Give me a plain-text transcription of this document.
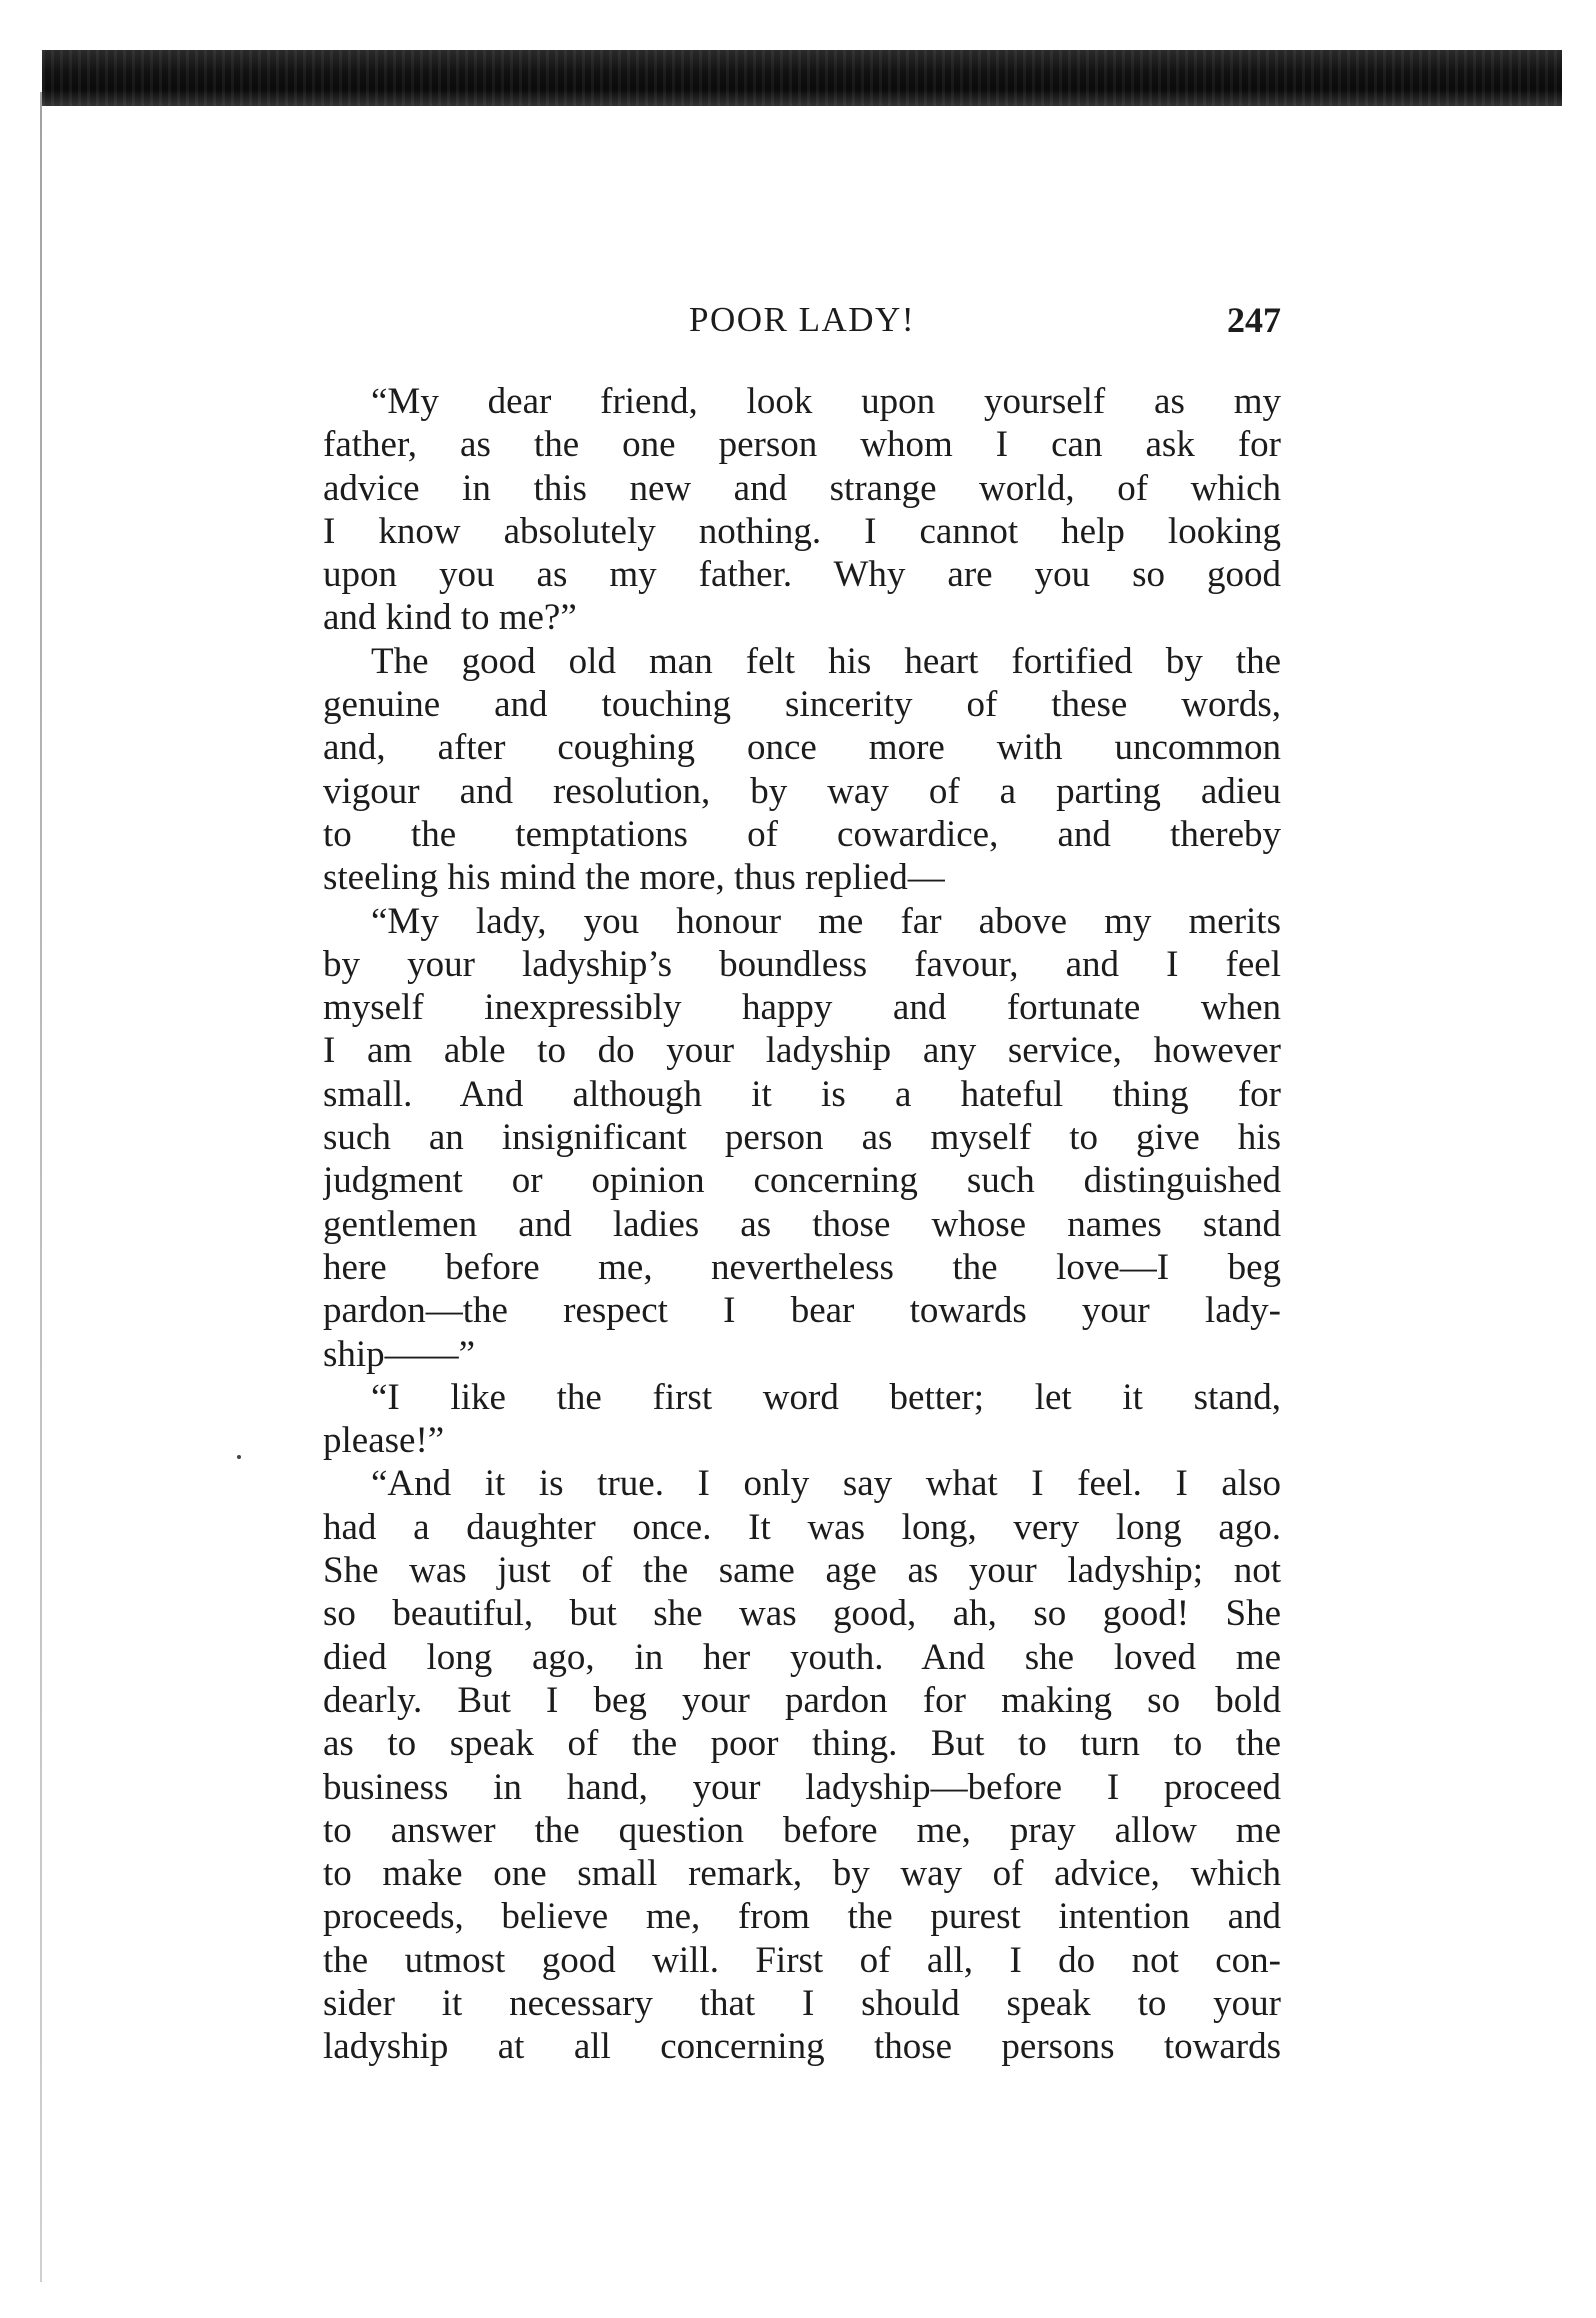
POOR LADY!	247
“My dear friend, look upon yourself as my
father, as the one person whom I can ask for
advice in this new and strange world, of which
I know absolutely nothing. I cannot help looking
upon you as my father. Why are you so good
and kind to me?”
The good old man felt his heart fortified by the
genuine and touching sincerity of these words,
and, after coughing once more with uncommon
vigour and resolution, by way of a parting adieu
to the temptations of cowardice, and thereby
steeling his mind the more, thus replied—
“My lady, you honour me far above my merits
by your ladyship’s boundless favour, and I feel
myself inexpressibly happy and fortunate when
I am able to do your ladyship any service, however
small. And although it is a hateful thing for
such an insignificant person as myself to give his
judgment or opinion concerning such distinguished
gentlemen and ladies as those whose names stand
here before me, nevertheless the love—I beg
pardon—the respect I bear towards your lady-
ship——”
“I like the first word better; let it stand,
please!”
“And it is true. I only say what I feel. I also
had a daughter once. It was long, very long ago.
She was just of the same age as your ladyship; not
so beautiful, but she was good, ah, so good! She
died long ago, in her youth. And she loved me
dearly. But I beg your pardon for making so bold
as to speak of the poor thing. But to turn to the
business in hand, your ladyship—before I proceed
to answer the question before me, pray allow me
to make one small remark, by way of advice, which
proceeds, believe me, from the purest intention and
the utmost good will. First of all, I do not con-
sider it necessary that I should speak to your
ladyship at all concerning those persons towards
